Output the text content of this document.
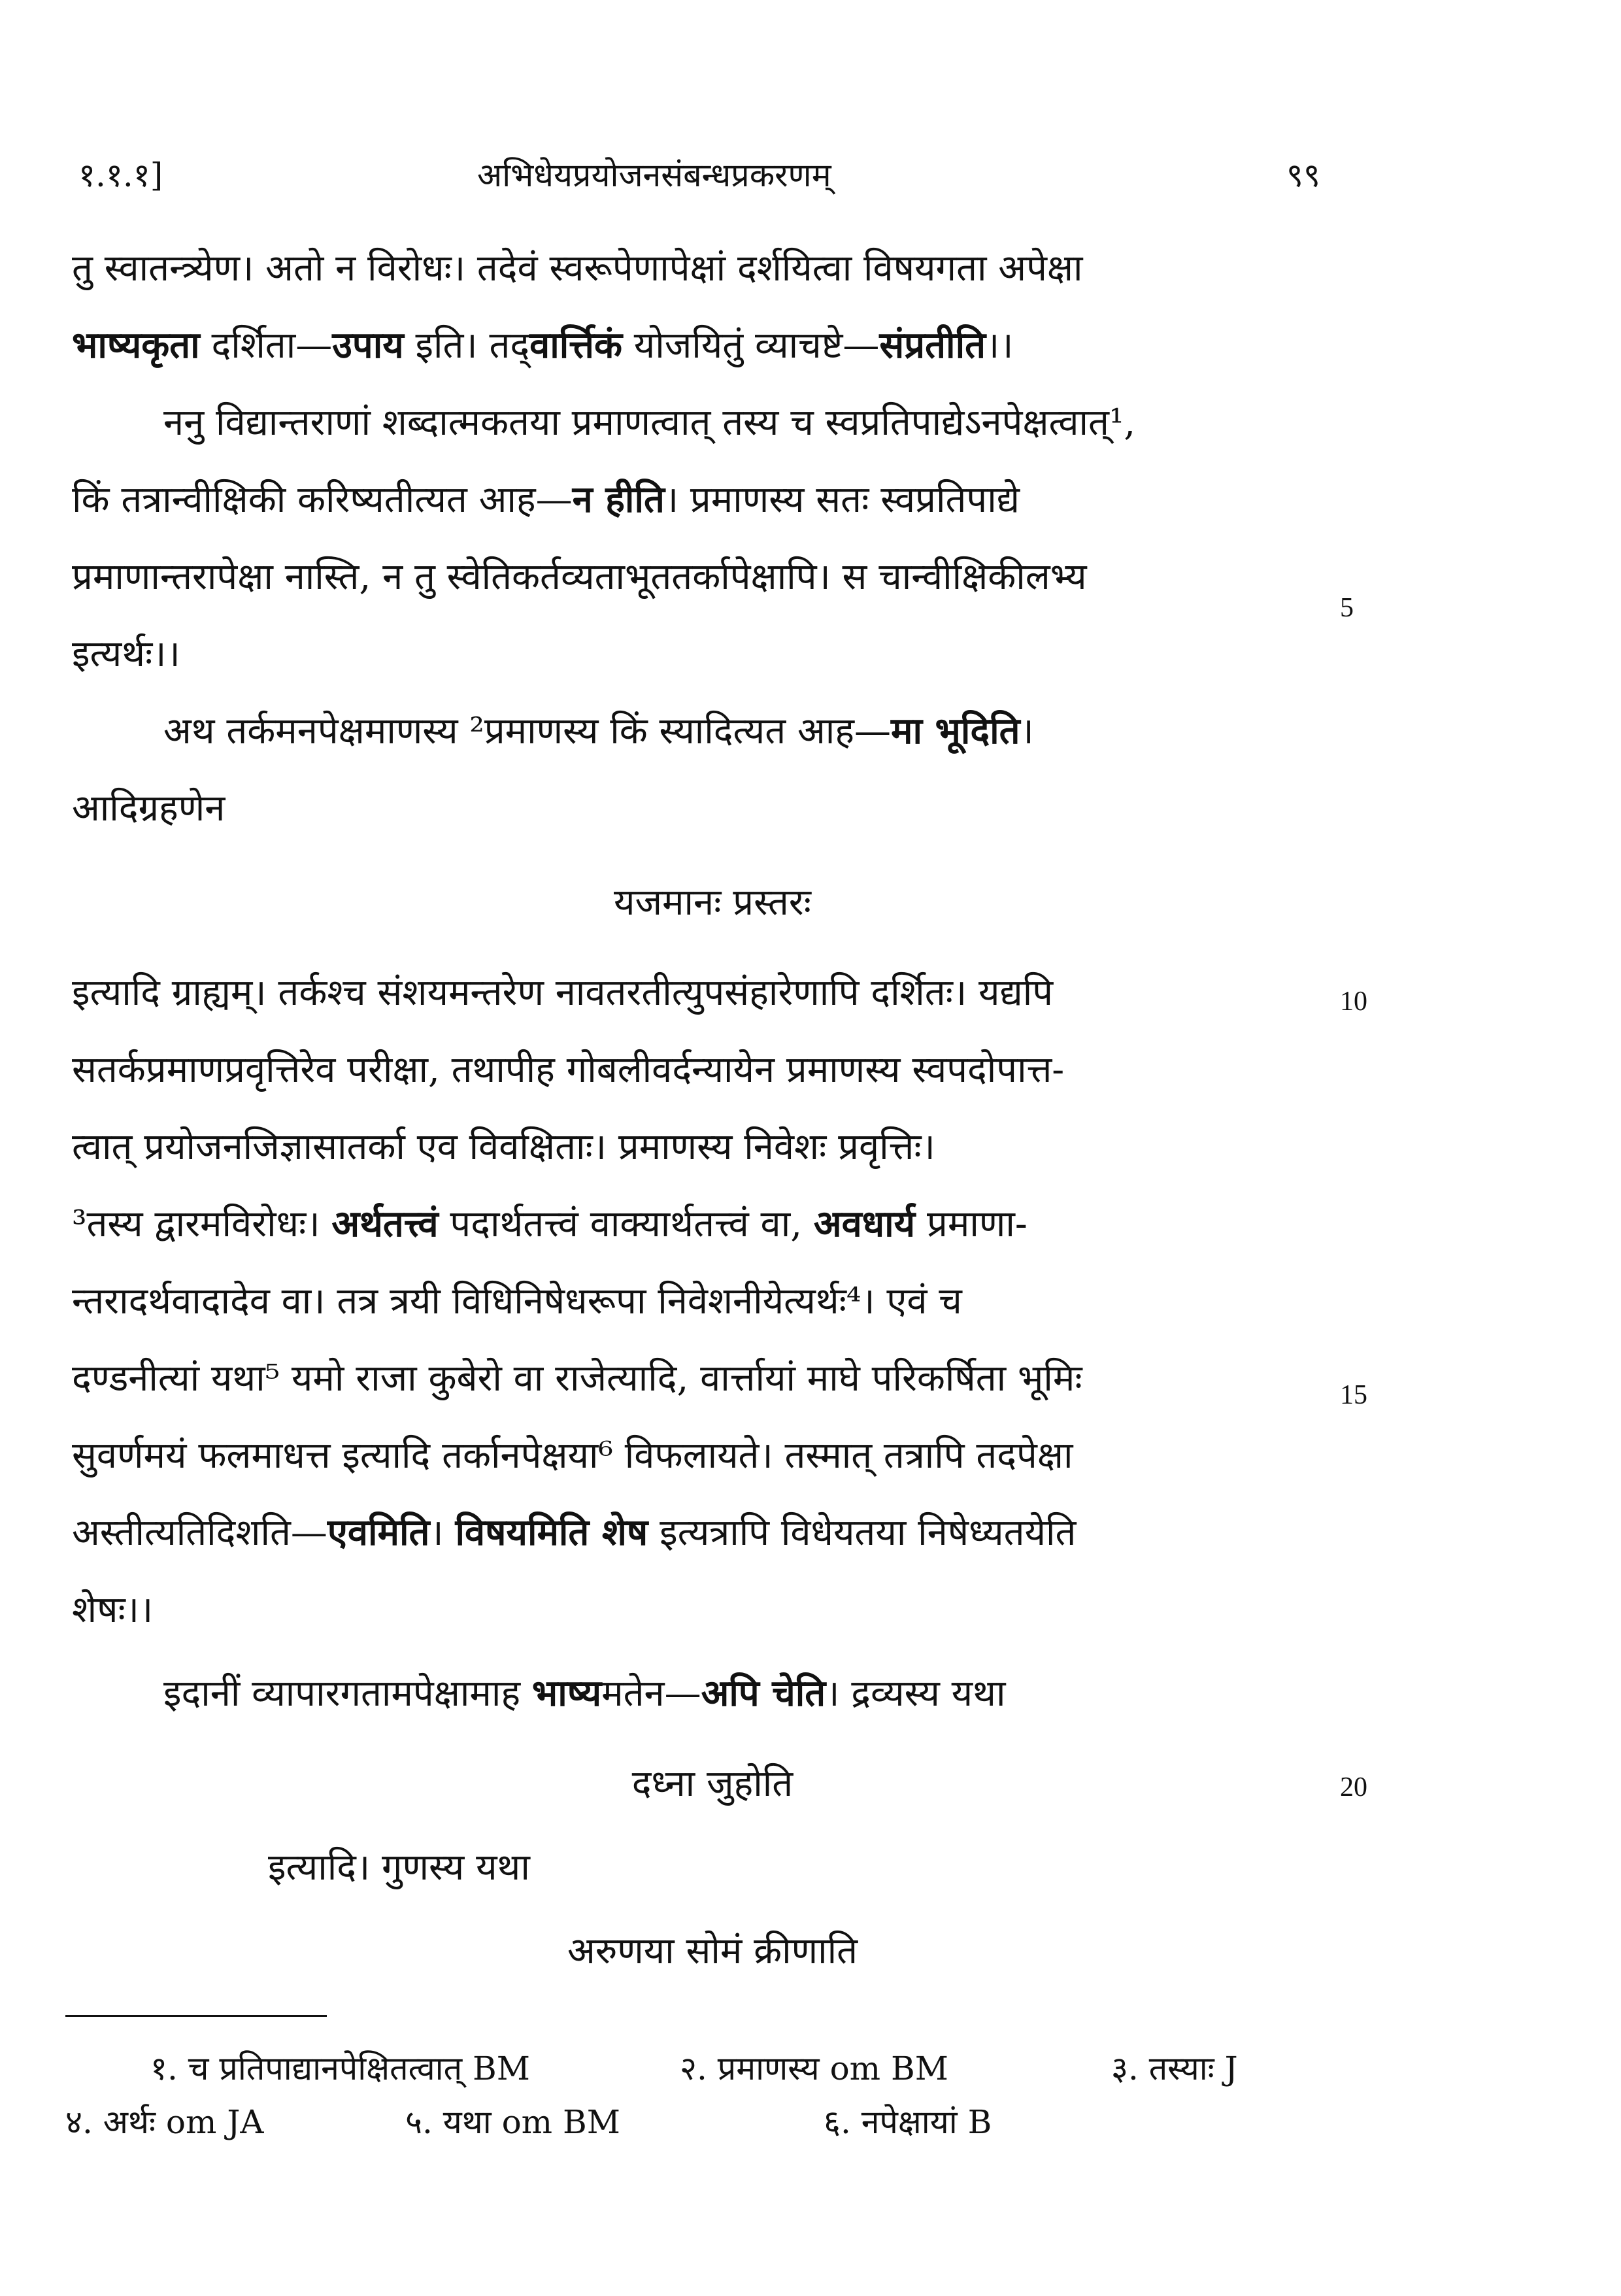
१.१.१]	अभिधेयप्रयोजनसंबन्धप्रकरणम्	९९
तु स्वातन्त्र्येण। अतो न विरोधः। तदेवं स्वरूपेणापेक्षां दर्शयित्वा विषयगता अपेक्षा
भाष्यकृता दर्शिता—उपाय इति। तद्वार्त्तिकं योजयितुं व्याचष्टे—संप्रतीति।।
ननु विद्यान्तराणां शब्दात्मकतया प्रमाणत्वात् तस्य च स्वप्रतिपाद्येऽनपेक्षत्वात्¹,
किं तत्रान्वीक्षिकी करिष्यतीत्यत आह—न हीति। प्रमाणस्य सतः स्वप्रतिपाद्ये
प्रमाणान्तरापेक्षा नास्ति, न तु स्वेतिकर्तव्यताभूततर्कापेक्षापि। स चान्वीक्षिकीलभ्य
इत्यर्थः।।
अथ तर्कमनपेक्षमाणस्य ²प्रमाणस्य किं स्यादित्यत आह—मा भूदिति।
आदिग्रहणेन
यजमानः प्रस्तरः
इत्यादि ग्राह्यम्। तर्कश्च संशयमन्तरेण नावतरतीत्युपसंहारेणापि दर्शितः। यद्यपि
सतर्कप्रमाणप्रवृत्तिरेव परीक्षा, तथापीह गोबलीवर्दन्यायेन प्रमाणस्य स्वपदोपात्त-
त्वात् प्रयोजनजिज्ञासातर्का एव विवक्षिताः। प्रमाणस्य निवेशः प्रवृत्तिः।
³तस्य द्वारमविरोधः। अर्थतत्त्वं पदार्थतत्त्वं वाक्यार्थतत्त्वं वा, अवधार्य प्रमाणा-
न्तरादर्थवादादेव वा। तत्र त्रयी विधिनिषेधरूपा निवेशनीयेत्यर्थः⁴। एवं च
दण्डनीत्यां यथा⁵ यमो राजा कुबेरो वा राजेत्यादि, वार्त्तायां माघे परिकर्षिता भूमिः
सुवर्णमयं फलमाधत्त इत्यादि तर्कानपेक्षया⁶ विफलायते। तस्मात् तत्रापि तदपेक्षा
अस्तीत्यतिदिशति—एवमिति। विषयमिति शेष इत्यत्रापि विधेयतया निषेध्यतयेति
शेषः।।
इदानीं व्यापारगतामपेक्षामाह भाष्यमतेन—अपि चेति। द्रव्यस्य यथा
दध्ना जुहोति
इत्यादि। गुणस्य यथा
अरुणया सोमं क्रीणाति
5
10
15
20
१. च प्रतिपाद्यानपेक्षितत्वात् BM	२. प्रमाणस्य om BM	३. तस्याः J
४. अर्थः om JA	५. यथा om BM	६. नपेक्षायां B
